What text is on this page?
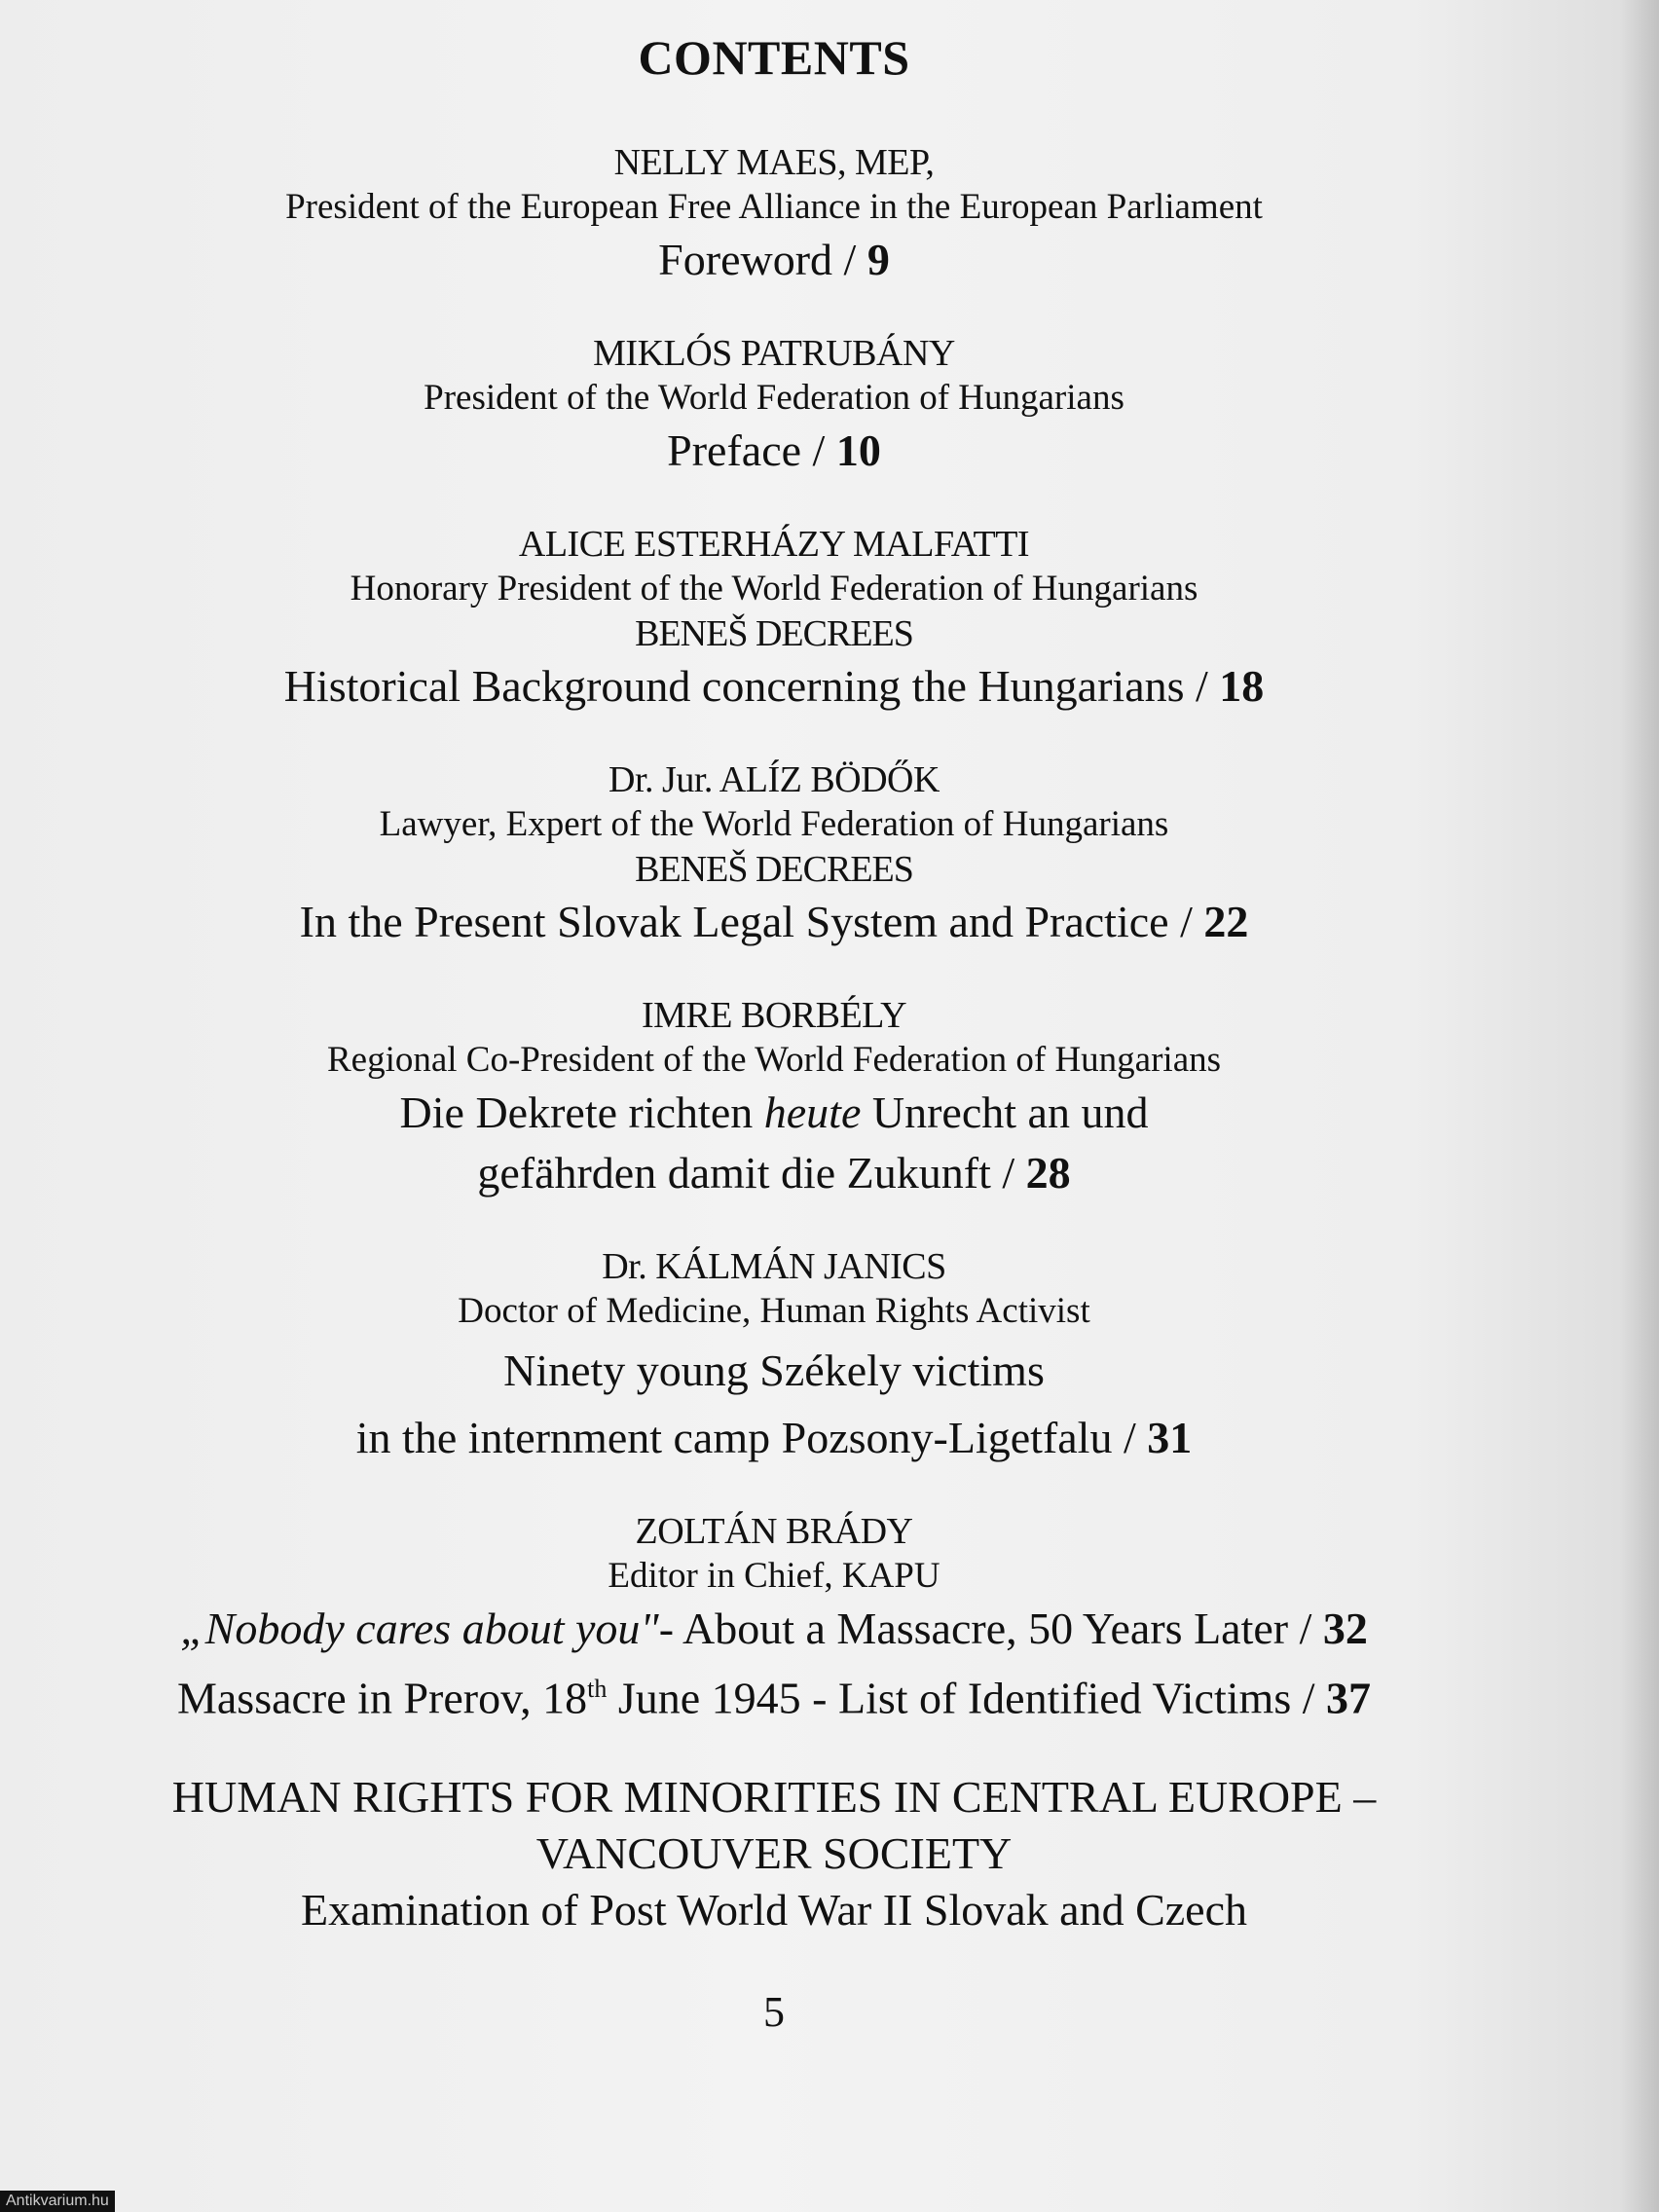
CONTENTS
NELLY MAES, MEP,
President of the European Free Alliance in the European Parliament
Foreword / 9
MIKLÓS PATRUBÁNY
President of the World Federation of Hungarians
Preface / 10
ALICE ESTERHÁZY MALFATTI
Honorary President of the World Federation of Hungarians
BENEŠ DECREES
Historical Background concerning the Hungarians / 18
Dr. Jur. ALÍZ BÖDŐK
Lawyer, Expert of the World Federation of Hungarians
BENEŠ DECREES
In the Present Slovak Legal System and Practice / 22
IMRE BORBÉLY
Regional Co-President of the World Federation of Hungarians
Die Dekrete richten heute Unrecht an und
gefährden damit die Zukunft / 28
Dr. KÁLMÁN JANICS
Doctor of Medicine, Human Rights Activist
Ninety young Székely victims
in the internment camp Pozsony-Ligetfalu / 31
ZOLTÁN BRÁDY
Editor in Chief, KAPU
„Nobody cares about you"- About a Massacre, 50 Years Later / 32
Massacre in Prerov, 18th June 1945 - List of Identified Victims / 37
HUMAN RIGHTS FOR MINORITIES IN CENTRAL EUROPE –
VANCOUVER SOCIETY
Examination of Post World War II Slovak and Czech
5
Antikvarium.hu
